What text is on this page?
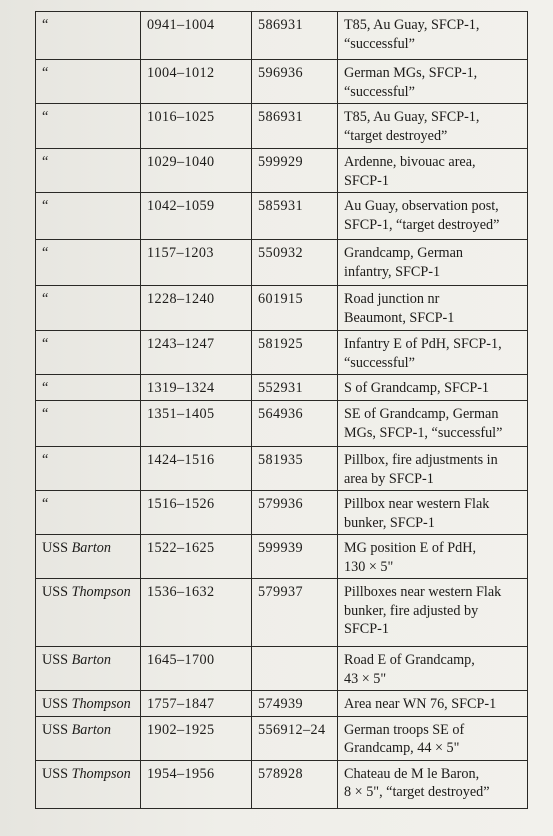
“	0941–1004	586931	T85, Au Guay, SFCP-1,
“successful”

“	1004–1012	596936	German MGs, SFCP-1,
“successful”

“	1016–1025	586931	T85, Au Guay, SFCP-1,
“target destroyed”

“	1029–1040	599929	Ardenne, bivouac area,
SFCP-1

“	1042–1059	585931	Au Guay, observation post,
SFCP-1, “target destroyed”

“	1157–1203	550932	Grandcamp, German
infantry, SFCP-1

“	1228–1240	601915	Road junction nr
Beaumont, SFCP-1

“	1243–1247	581925	Infantry E of PdH, SFCP-1,
“successful”

“	1319–1324	552931	S of Grandcamp, SFCP-1

“	1351–1405	564936	SE of Grandcamp, German
MGs, SFCP-1, “successful”

“	1424–1516	581935	Pillbox, fire adjustments in
area by SFCP-1

“	1516–1526	579936	Pillbox near western Flak
bunker, SFCP-1

USS Barton	1522–1625	599939	MG position E of PdH,
130 × 5"

USS Thompson	1536–1632	579937	Pillboxes near western Flak
bunker, fire adjusted by
SFCP-1

USS Barton	1645–1700		Road E of Grandcamp,
43 × 5"

USS Thompson	1757–1847	574939	Area near WN 76, SFCP-1

USS Barton	1902–1925	556912–24	German troops SE of
Grandcamp, 44 × 5"

USS Thompson	1954–1956	578928	Chateau de M le Baron,
8 × 5", “target destroyed”
